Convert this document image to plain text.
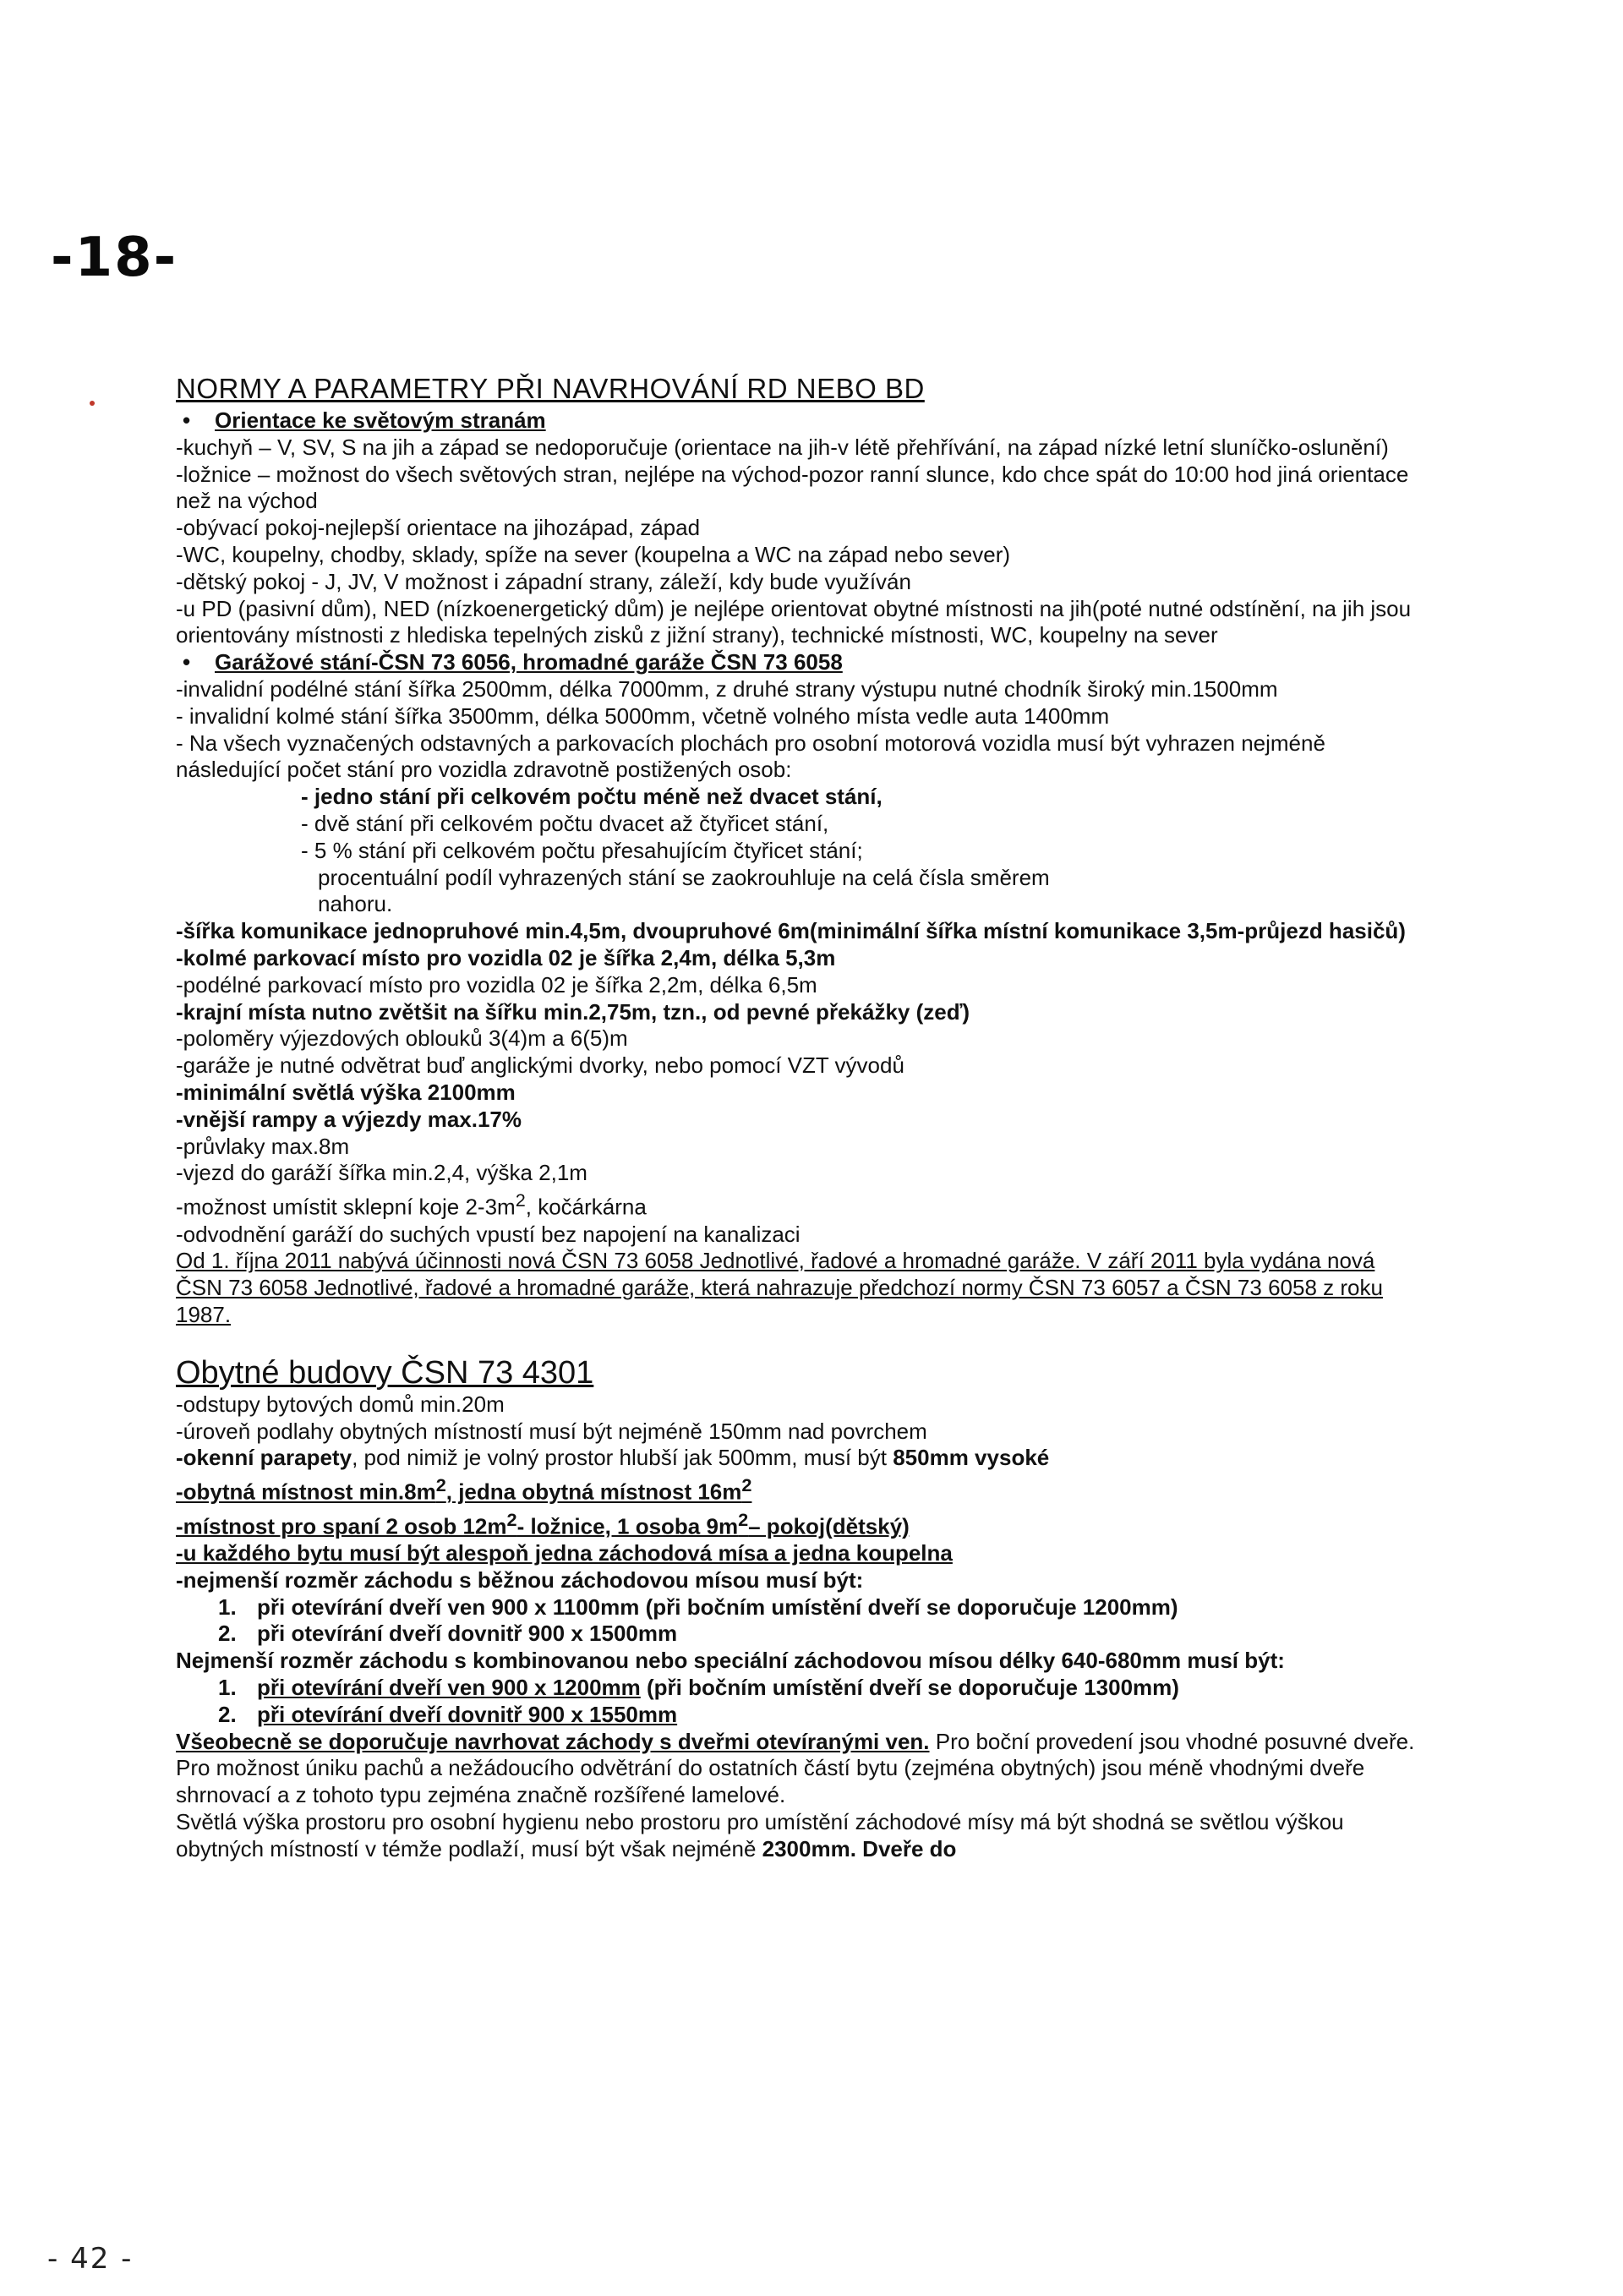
-18-
NORMY A PARAMETRY PŘI NAVRHOVÁNÍ RD NEBO BD

• Orientace ke světovým stranám

-kuchyň – V, SV, S na jih a západ se nedoporučuje (orientace na jih-v létě přehřívání, na západ nízké letní sluníčko-oslunění)

-ložnice – možnost do všech světových stran, nejlépe na východ-pozor ranní slunce, kdo chce spát do 10:00 hod jiná orientace než na východ

-obývací pokoj-nejlepší orientace na jihozápad, západ

-WC, koupelny, chodby, sklady, spíže na sever (koupelna a WC na západ nebo sever)

-dětský pokoj - J, JV, V možnost i západní strany, záleží, kdy bude využíván

-u PD (pasivní dům), NED (nízkoenergetický dům) je nejlépe orientovat obytné místnosti na jih(poté nutné odstínění, na jih jsou orientovány místnosti z hlediska tepelných zisků z jižní strany), technické místnosti, WC, koupelny na sever

• Garážové stání-ČSN 73 6056, hromadné garáže ČSN 73 6058

-invalidní podélné stání šířka 2500mm, délka 7000mm, z druhé strany výstupu nutné chodník široký min.1500mm

- invalidní kolmé stání šířka 3500mm, délka 5000mm, včetně volného místa vedle auta 1400mm

- Na všech vyznačených odstavných a parkovacích plochách pro osobní motorová vozidla musí být vyhrazen nejméně následující počet stání pro vozidla zdravotně postižených osob:

- jedno stání při celkovém počtu méně než dvacet stání,

- dvě stání při celkovém počtu dvacet až čtyřicet stání,

- 5 % stání při celkovém počtu přesahujícím čtyřicet stání;

procentuální podíl vyhrazených stání se zaokrouhluje na celá čísla směrem nahoru.

-šířka komunikace jednopruhové min.4,5m, dvoupruhové 6m(minimální šířka místní komunikace 3,5m-průjezd hasičů)

-kolmé parkovací místo pro vozidla 02 je šířka 2,4m, délka 5,3m

-podélné parkovací místo pro vozidla 02 je šířka 2,2m, délka 6,5m

-krajní místa nutno zvětšit na šířku min.2,75m, tzn., od pevné překážky (zeď)

-poloměry výjezdových oblouků 3(4)m a 6(5)m

-garáže je nutné odvětrat buď anglickými dvorky, nebo pomocí VZT vývodů

-minimální světlá výška 2100mm

-vnější rampy a výjezdy max.17%

-průvlaky max.8m

-vjezd do garáží šířka min.2,4, výška 2,1m

-možnost umístit sklepní koje $2-3m^2$, kočárkárna

-odvodnění garáží do suchých vpustí bez napojení na kanalizaci

Od 1. října 2011 nabývá účinnosti nová ČSN 73 6058 Jednotlivé, řadové a hromadné garáže. V září 2011 byla vydána nová ČSN 73 6058 Jednotlivé, řadové a hromadné garáže, která nahrazuje předchozí normy ČSN 73 6057 a ČSN 73 6058 z roku 1987.

Obytné budovy ČSN 73 4301

-odstupy bytových domů min.20m

-úroveň podlahy obytných místností musí být nejméně 150mm nad povrchem

-okenní parapety, pod nimiž je volný prostor hlubší jak 500mm, musí být 850mm vysoké

-obytná místnost $\min.8m^2$, jedna obytná místnost $16m^2$

-místnost pro spaní 2 osob $12m^2-$ ložnice, 1 osoba $9m^2-$ pokoj(dětský)

-u každého bytu musí být alespoň jedna záchodová mísa a jedna koupelna

-nejmenší rozměr záchodu s běžnou záchodovou mísou musí být:

1. při otevírání dveří ven 900 x 1100mm (při bočním umístění dveří se doporučuje 1200mm)
2. při otevírání dveří dovnitř 900 x 1500mm

Nejmenší rozměr záchodu s kombinovanou nebo speciální záchodovou mísou délky 640-680mm musí být:

1. při otevírání dveří ven 900 x 1200mm (při bočním umístění dveří se doporučuje 1300mm)
2. při otevírání dveří dovnitř 900 x 1550mm

Všeobecně se doporučuje navrhovat záchody s dveřmi otevíranými ven. Pro boční provedení jsou vhodné posuvné dveře. Pro možnost úniku pachů a nežádoucího odvětrání do ostatních částí bytu (zejména obytných) jsou méně vhodnými dveře shrnovací a z tohoto typu zejména značně rozšířené lamelové.

Světlá výška prostoru pro osobní hygienu nebo prostoru pro umístění záchodové mísy má být shodná se světlou výškou obytných místností v témže podlaží, musí být však nejméně 2300mm. Dveře do

- 42 -
